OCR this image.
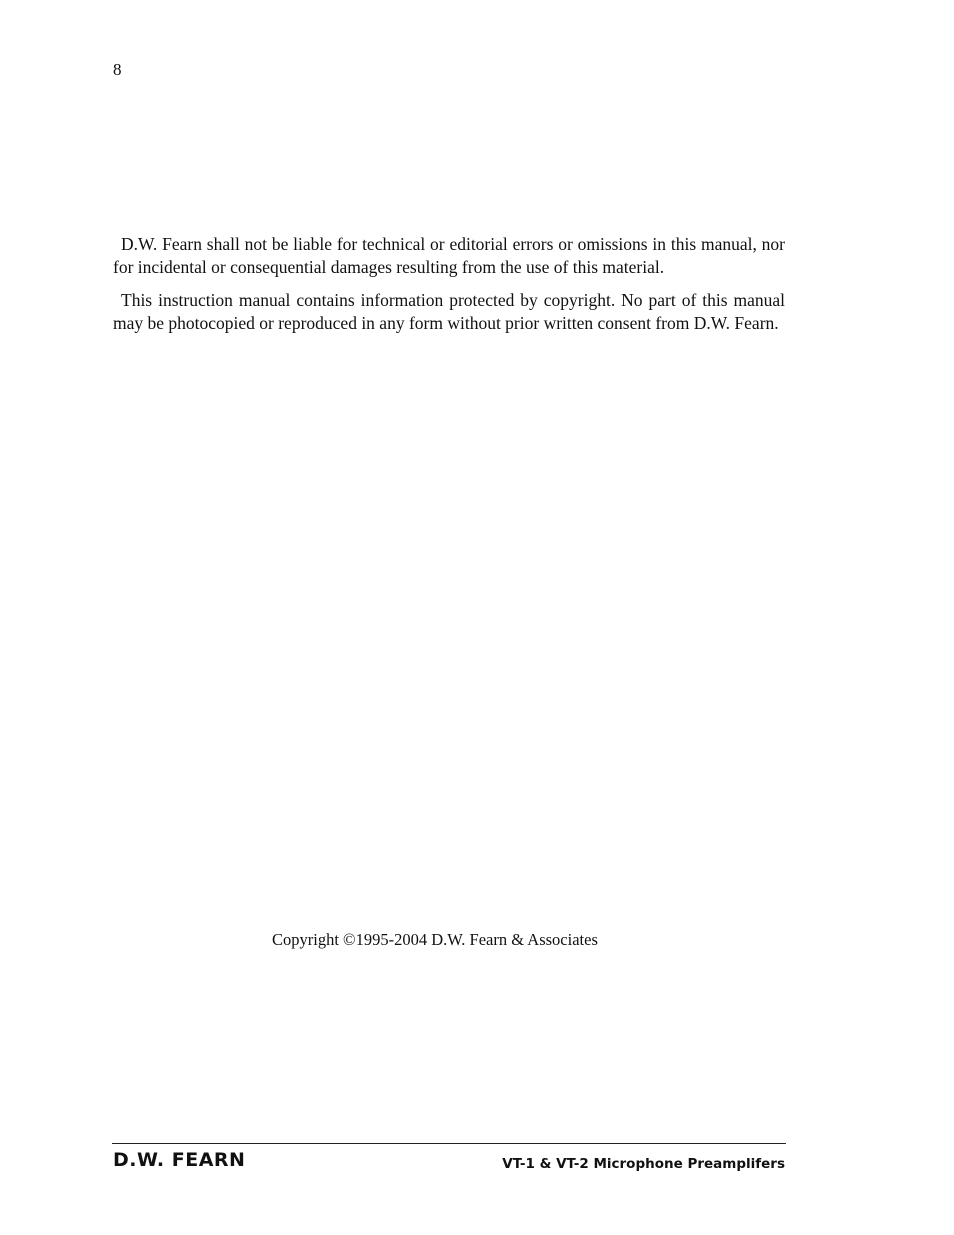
8

D.W. Fearn shall not be liable for technical or editorial errors or omissions in this manual, nor for incidental or consequential damages resulting from the use of this material.

This instruction manual contains information protected by copyright. No part of this manual may be photocopied or reproduced in any form without prior written consent from D.W. Fearn.

Copyright ©1995-2004 D.W. Fearn & Associates
D.W. FEARN	VT-1 & VT-2 Microphone Preamplifers
